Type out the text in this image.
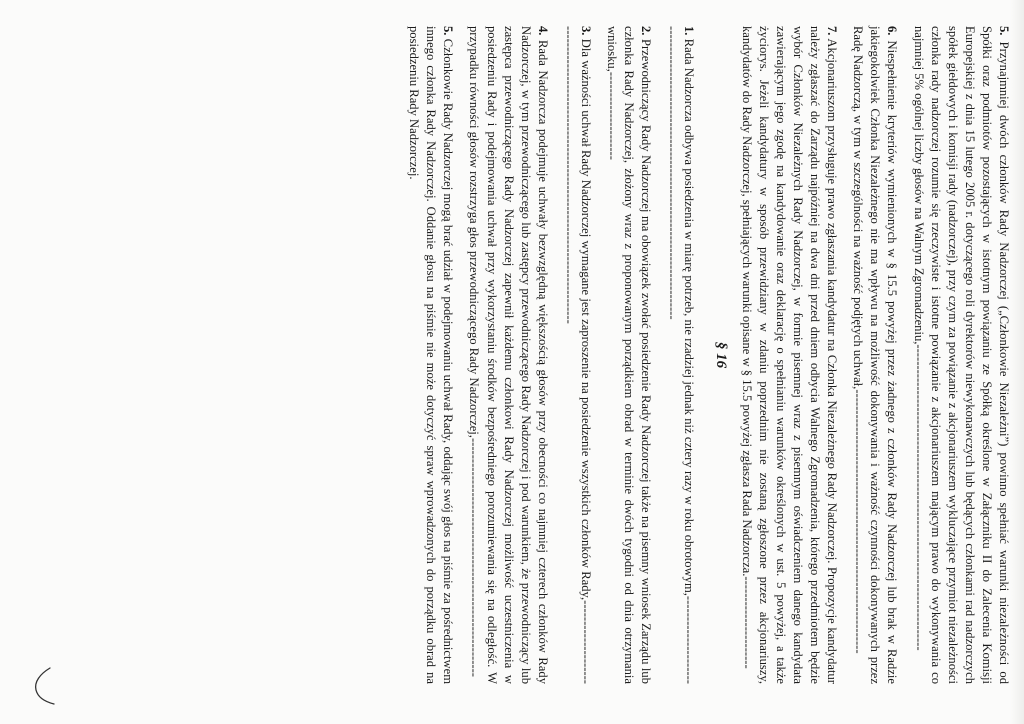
5. Przynajmniej dwóch członków Rady Nadzorczej („Członkowie Niezależni”) powinno spełniać warunki niezależności od Spółki oraz podmiotów pozostających w istotnym powiązaniu ze Spółką określone w Załączniku II do Zalecenia Komisji Europejskiej z dnia 15 lutego 2005 r. dotyczącego roli dyrektorów niewykonawczych lub będących członkami rad nadzorczych spółek giełdowych i komisji rady (nadzorczej), przy czym za powiązanie z akcjonariuszem wykluczające przymiot niezależności członka rady nadzorczej rozumie się rzeczywiste i istotne powiązanie z akcjonariuszem mającym prawo do wykonywania co najmniej 5% ogólnej liczby głosów na Walnym Zgromadzeniu,-------------------------------------------------------------------------

6. Niespełnienie kryteriów wymienionych w § 15.5 powyżej przez żadnego z członków Rady Nadzorczej lub brak w Radzie jakiegokolwiek Członka Niezależnego nie ma wpływu na możliwość dokonywania i ważność czynności dokonywanych przez Radę Nadzorczą, w tym w szczególności na ważność podjętych uchwał,---------------------------------------------------------------

7. Akcjonariuszom przysługuje prawo zgłaszania kandydatur na Członka Niezależnego Rady Nadzorczej. Propozycje kandydatur należy zgłaszać do Zarządu najpóźniej na dwa dni przed dniem odbycia Walnego Zgromadzenia, którego przedmiotem będzie wybór Członków Niezależnych Rady Nadzorczej, w formie pisemnej wraz z pisemnym oświadczeniem danego kandydata zawierającym jego zgodę na kandydowanie oraz deklarację o spełnianiu warunków określonych w ust. 5 powyżej, a także życiorys. Jeżeli kandydatury w sposób przewidziany w zdaniu poprzednim nie zostaną zgłoszone przez akcjonariuszy, kandydatów do Rady Nadzorczej, spełniających warunki opisane w § 15.5 powyżej zgłasza Rada Nadzorcza.----------------------

§ 16

1. Rada Nadzorcza odbywa posiedzenia w miarę potrzeb, nie rzadziej jednak niż cztery razy w roku obrotowym,-------------------------------------------------------------------------------------------

2. Przewodniczący Rady Nadzorczej ma obowiązek zwołać posiedzenie Rady Nadzorczej także na pisemny wniosek Zarządu lub członka Rady Nadzorczej, złożony wraz z proponowanym porządkiem obrad w terminie dwóch tygodni od dnia otrzymania wniosku,---------------------

3. Dla ważności uchwał Rady Nadzorczej wymagane jest zaproszenie na posiedzenie wszystkich członków Rady,-------------------------------------------------------------------------------------------

4. Rada Nadzorcza podejmuje uchwały bezwzględną większością głosów przy obecności co najmniej czterech członków Rady Nadzorczej, w tym przewodniczącego lub zastępcy przewodniczącego Rady Nadzorczej i pod warunkiem, że przewodniczący lub zastępca przewodniczącego Rady Nadzorczej zapewnił każdemu członkowi Rady Nadzorczej możliwość uczestniczenia w posiedzeniu Rady i podejmowania uchwał przy wykorzystaniu środków bezpośredniego porozumiewania się na odległość. W przypadku równości głosów rozstrzyga głos przewodniczącego Rady Nadzorczej,---------------------------------------------------------

5. Członkowie Rady Nadzorczej mogą brać udział w podejmowaniu uchwał Rady, oddając swój głos na piśmie za pośrednictwem innego członka Rady Nadzorczej. Oddanie głosu na piśmie nie może dotyczyć spraw wprowadzonych do porządku obrad na posiedzeniu Rady Nadzorczej.
